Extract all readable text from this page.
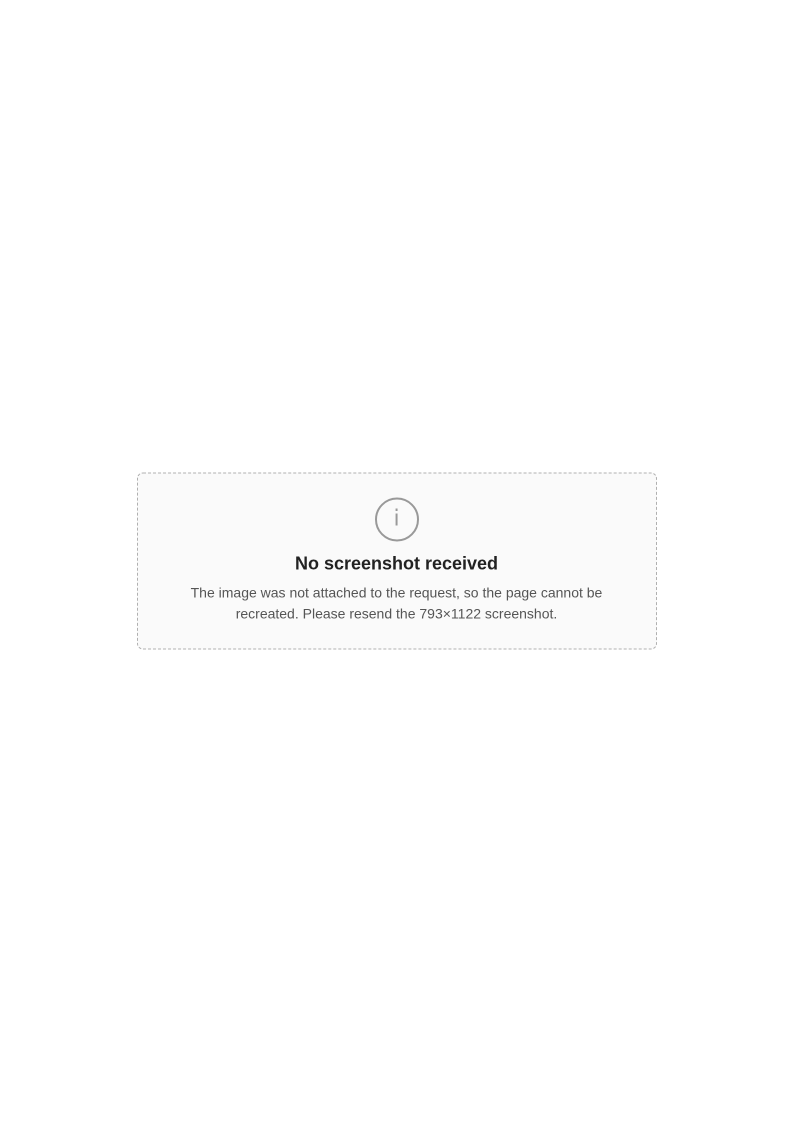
i

No screenshot received

The image was not attached to the request, so the page cannot be recreated. Please resend the 793×1122 screenshot.
